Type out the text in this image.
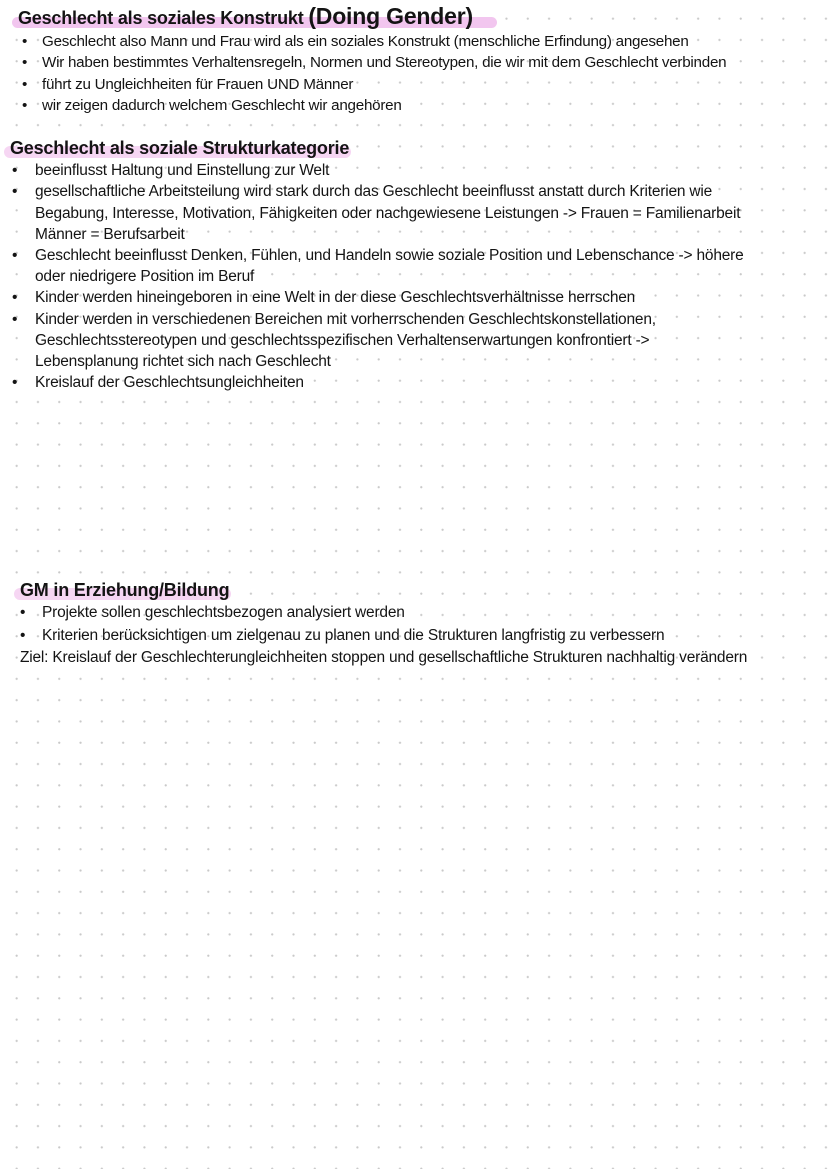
Geschlecht als soziales Konstrukt (Doing Gender)
• Geschlecht also Mann und Frau wird als ein soziales Konstrukt (menschliche Erfindung) angesehen
• Wir haben bestimmtes Verhaltensregeln, Normen und Stereotypen, die wir mit dem Geschlecht verbinden
• führt zu Ungleichheiten für Frauen UND Männer
• wir zeigen dadurch welchem Geschlecht wir angehören
Geschlecht als soziale Strukturkategorie
• beeinflusst Haltung und Einstellung zur Welt
• gesellschaftliche Arbeitsteilung wird stark durch das Geschlecht beeinflusst anstatt durch Kriterien wie Begabung, Interesse, Motivation, Fähigkeiten oder nachgewiesene Leistungen -> Frauen = Familienarbeit Männer = Berufsarbeit
• Geschlecht beeinflusst Denken, Fühlen, und Handeln sowie soziale Position und Lebenschance -> höhere oder niedrigere Position im Beruf
• Kinder werden hineingeboren in eine Welt in der diese Geschlechtsverhältnisse herrschen
• Kinder werden in verschiedenen Bereichen mit vorherrschenden Geschlechtskonstellationen, Geschlechtsstereotypen und geschlechtsspezifischen Verhaltenserwartungen konfrontiert -> Lebensplanung richtet sich nach Geschlecht
• Kreislauf der Geschlechtsungleichheiten
GM in Erziehung/Bildung
• Projekte sollen geschlechtsbezogen analysiert werden
• Kriterien berücksichtigen um zielgenau zu planen und die Strukturen langfristig zu verbessern

Ziel: Kreislauf der Geschlechterungleichheiten stoppen und gesellschaftliche Strukturen nachhaltig verändern
